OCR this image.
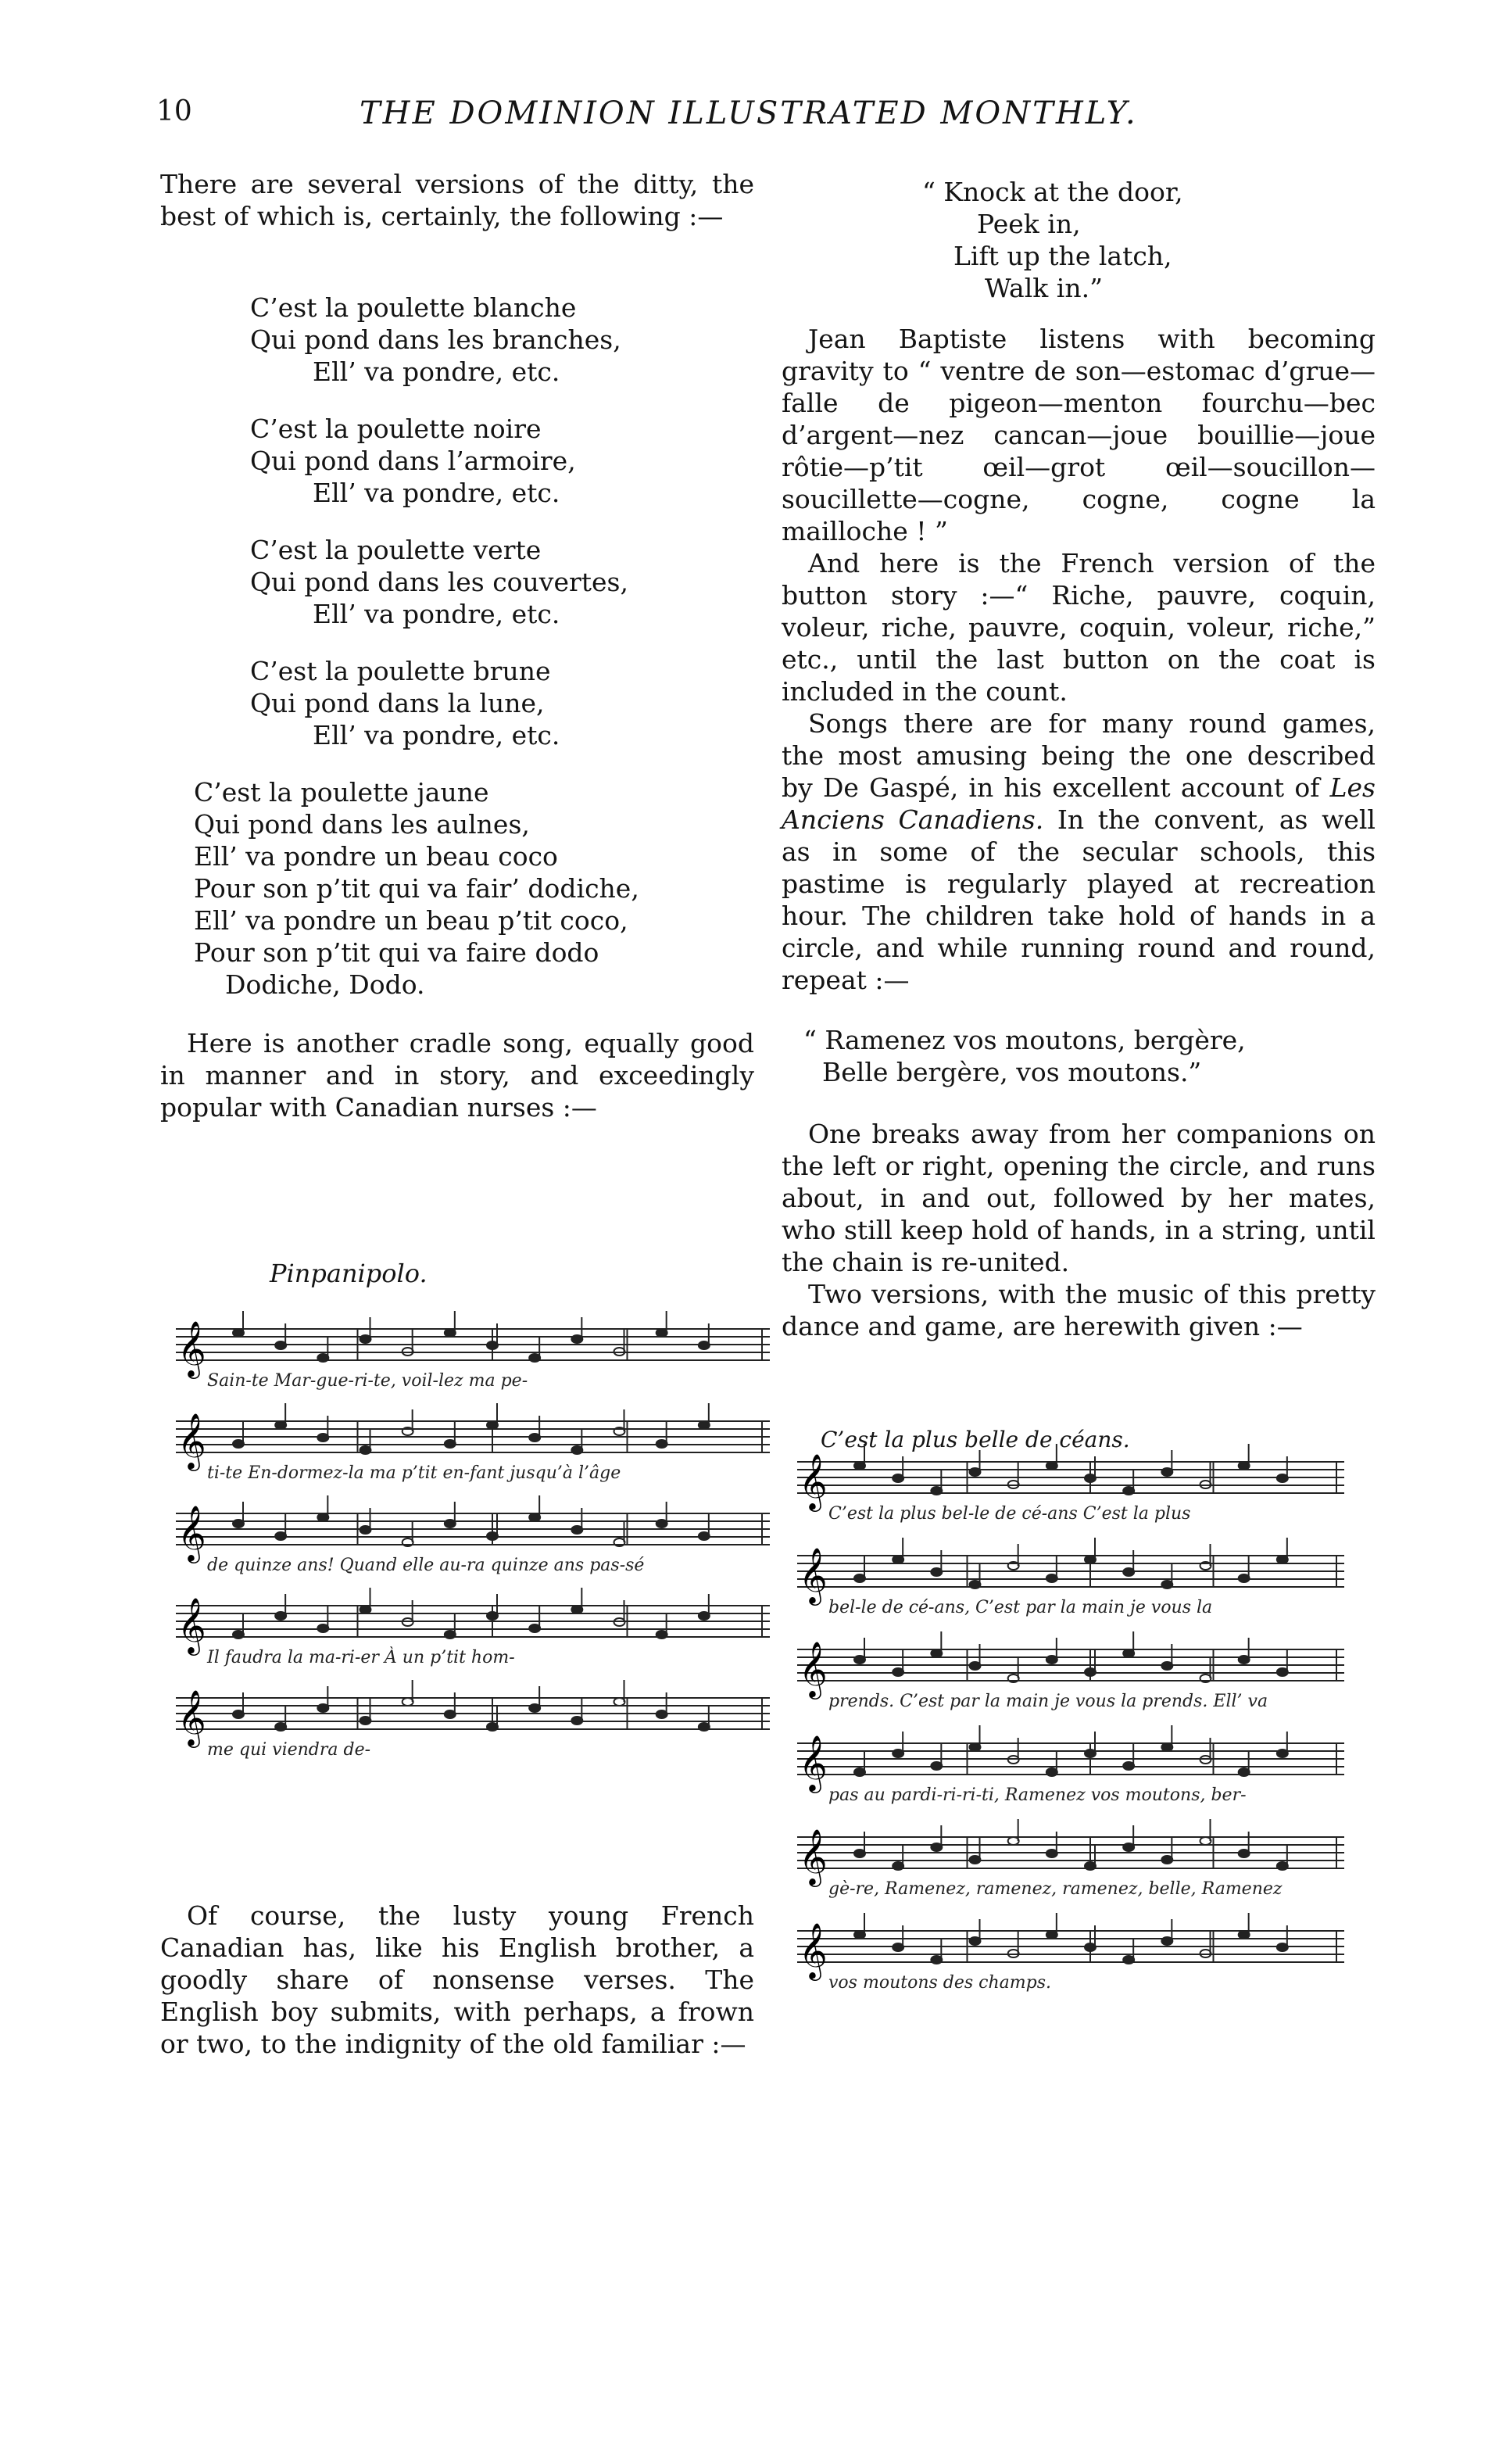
10	THE DOMINION ILLUSTRATED MONTHLY.

There are several versions of the ditty, the best of which is, certainly, the following :—

C’est la poulette blanche
Qui pond dans les branches,
Ell’ va pondre, etc.
C’est la poulette noire
Qui pond dans l’armoire,
Ell’ va pondre, etc.
C’est la poulette verte
Qui pond dans les couvertes,
Ell’ va pondre, etc.
C’est la poulette brune
Qui pond dans la lune,
Ell’ va pondre, etc.
C’est la poulette jaune
Qui pond dans les aulnes,
Ell’ va pondre un beau coco
Pour son p’tit qui va fair’ dodiche,
Ell’ va pondre un beau p’tit coco,
Pour son p’tit qui va faire dodo
Dodiche, Dodo.

Here is another cradle song, equally good in manner and in story, and exceedingly popular with Canadian nurses :—

Pinpanipolo.
𝄞
Sain-te Mar-gue-ri-te, voil-lez ma pe-
𝄞
ti-te En-dormez-la ma p’tit en-fant jusqu’à l’âge
𝄞
de quinze ans! Quand elle au-ra quinze ans pas-sé
𝄞
Il faudra la ma-ri-er À un p’tit hom-
𝄞
me qui viendra de-

Of course, the lusty young French Canadian has, like his English brother, a goodly share of nonsense verses. The English boy submits, with perhaps, a frown or two, to the indignity of the old familiar :—

“ Knock at the door,
Peek in,
Lift up the latch,
Walk in.”

Jean Baptiste listens with becoming gravity to “ ventre de son—estomac d’grue—falle de pigeon—menton fourchu—bec d’argent—nez cancan—joue bouillie—joue rôtie—p’tit œil—grot œil—soucillon—soucillette—cogne, cogne, cogne la mailloche ! ”

And here is the French version of the button story :—“ Riche, pauvre, coquin, voleur, riche, pauvre, coquin, voleur, riche,” etc., until the last button on the coat is included in the count.

Songs there are for many round games, the most amusing being the one described by De Gaspé, in his excellent account of Les Anciens Canadiens. In the convent, as well as in some of the secular schools, this pastime is regularly played at recreation hour. The children take hold of hands in a circle, and while running round and round, repeat :—

“ Ramenez vos moutons, bergère,
Belle bergère, vos moutons.”

One breaks away from her companions on the left or right, opening the circle, and runs about, in and out, followed by her mates, who still keep hold of hands, in a string, until the chain is re-united.

Two versions, with the music of this pretty dance and game, are herewith given :—

C’est la plus belle de céans.
𝄞
C’est la plus bel-le de cé-ans C’est la plus
𝄞
bel-le de cé-ans, C’est par la main je vous la
𝄞
prends. C’est par la main je vous la prends. Ell’ va
𝄞
pas au pardi-ri-ri-ti, Ramenez vos moutons, ber-
𝄞
gè-re, Ramenez, ramenez, ramenez, belle, Ramenez
𝄞
vos moutons des champs.
